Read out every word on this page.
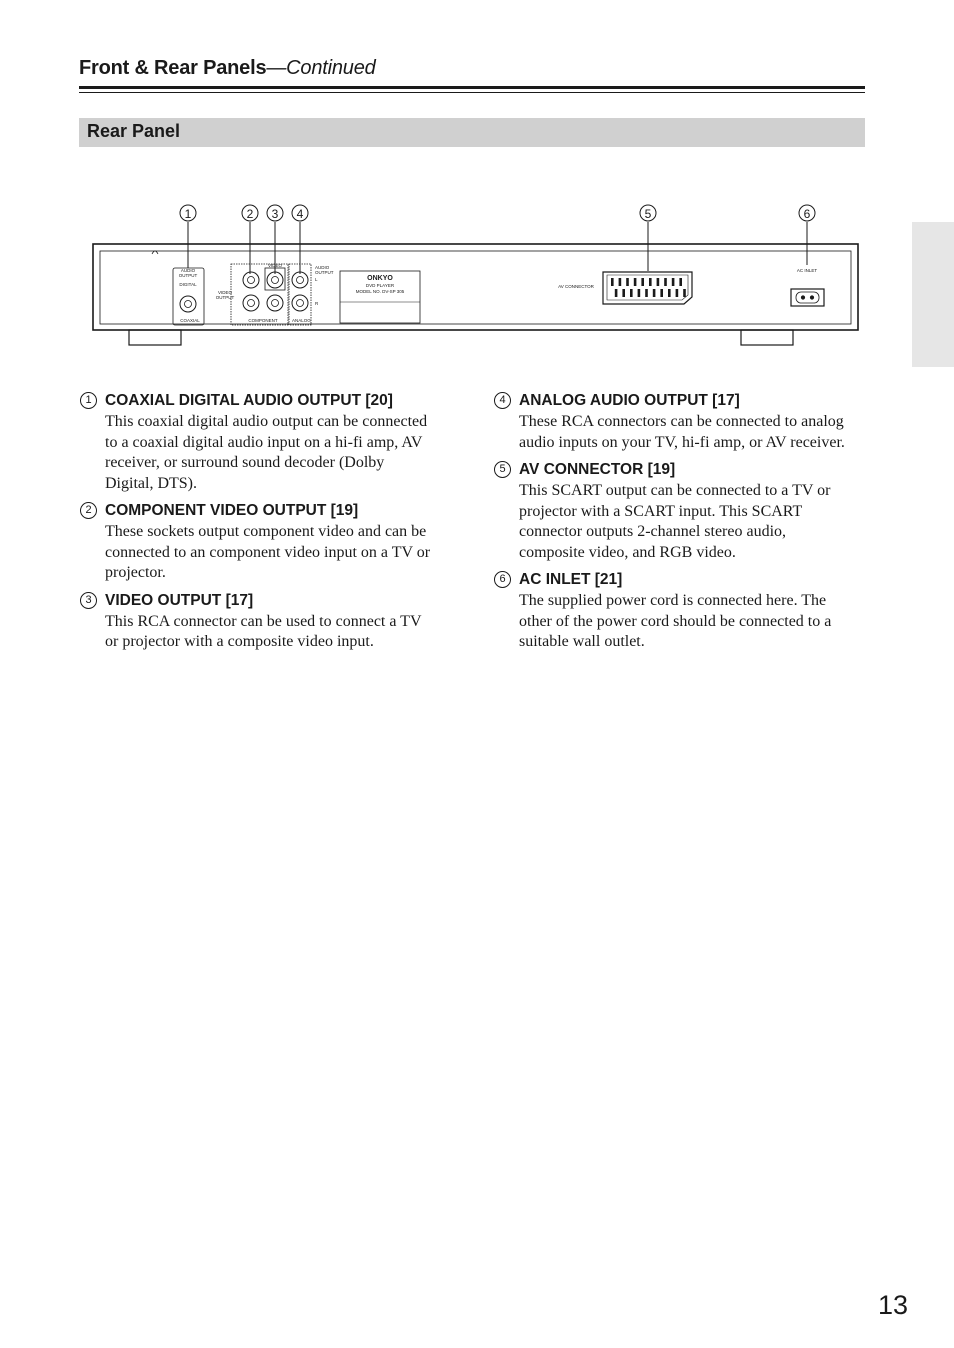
Front & Rear Panels—Continued
Rear Panel
1	2 3 4	5	6
AUDIO
OUTPUT
DIGITAL
COAXIAL
VIDEO
OUTPUT
VIDEO
COMPONENT
AUDIO
OUTPUT
L
R
ANALOG
ONKYO
DVD PLAYER
MODEL NO. DV-SP 305
AV CONNECTOR
AC INLET
1 COAXIAL DIGITAL AUDIO OUTPUT [20]
This coaxial digital audio output can be connected to a coaxial digital audio input on a hi-fi amp, AV receiver, or surround sound decoder (Dolby Digital, DTS).
2 COMPONENT VIDEO OUTPUT [19]
These sockets output component video and can be connected to an component video input on a TV or projector.
3 VIDEO OUTPUT [17]
This RCA connector can be used to connect a TV or projector with a composite video input.
4 ANALOG AUDIO OUTPUT [17]
These RCA connectors can be connected to analog audio inputs on your TV, hi-fi amp, or AV receiver.
5 AV CONNECTOR [19]
This SCART output can be connected to a TV or projector with a SCART input. This SCART connector outputs 2-channel stereo audio, composite video, and RGB video.
6 AC INLET [21]
The supplied power cord is connected here. The other of the power cord should be connected to a suitable wall outlet.
13
